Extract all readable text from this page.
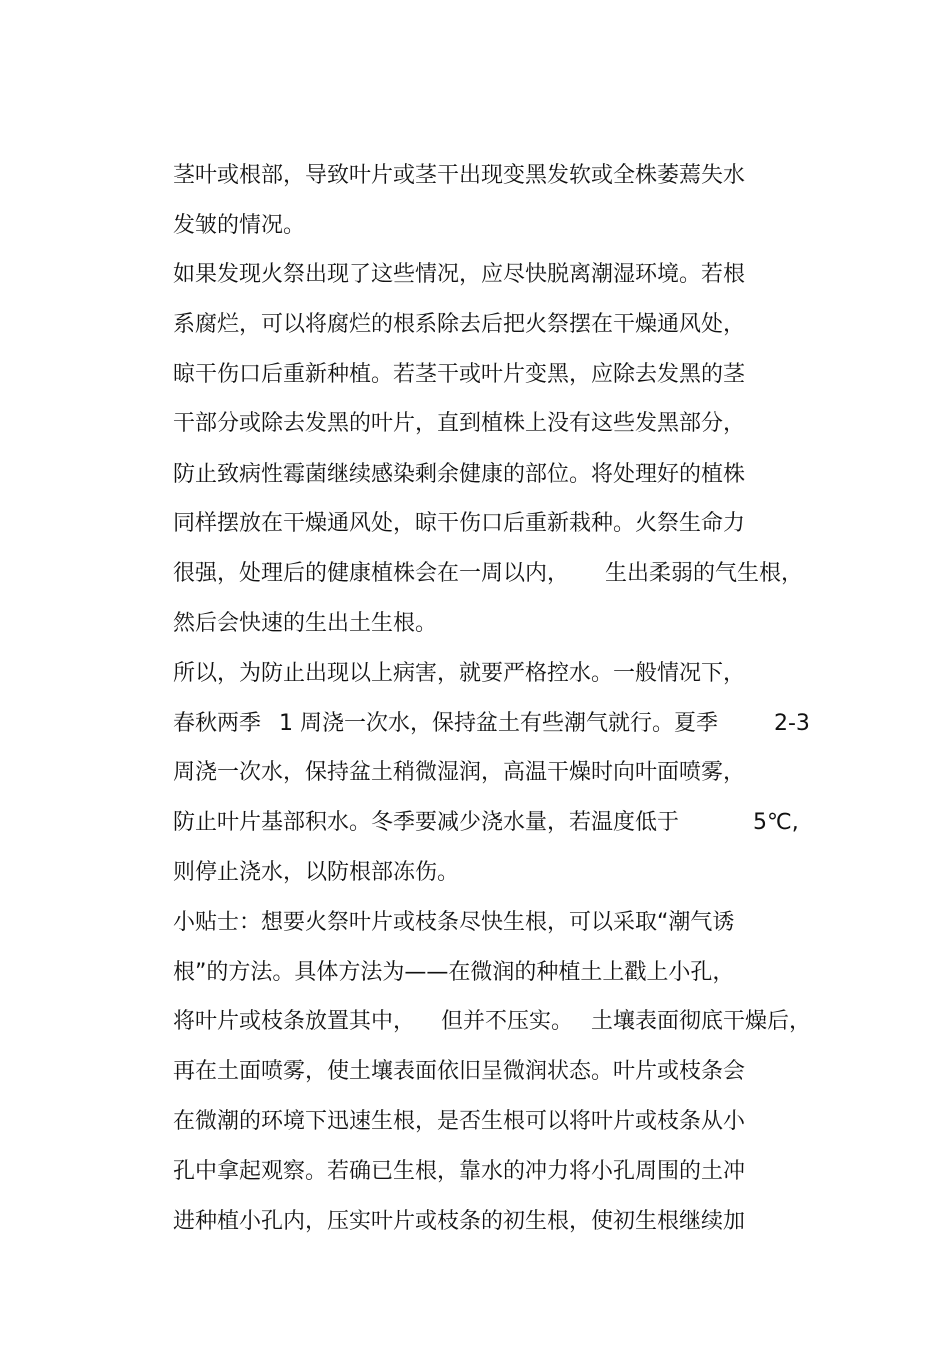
茎叶或根部，导致叶片或茎干出现变黑发软或全株萎蔫失水

发皱的情况。

如果发现火祭出现了这些情况，应尽快脱离潮湿环境。若根

系腐烂，可以将腐烂的根系除去后把火祭摆在干燥通风处，

晾干伤口后重新种植。若茎干或叶片变黑，应除去发黑的茎

干部分或除去发黑的叶片，直到植株上没有这些发黑部分，

防止致病性霉菌继续感染剩余健康的部位。将处理好的植株

同样摆放在干燥通风处，晾干伤口后重新栽种。火祭生命力

很强，处理后的健康植株会在一周以内， 生出柔弱的气生根，

然后会快速的生出土生根。

所以，为防止出现以上病害，就要严格控水。一般情况下，

春秋两季 1 周浇一次水，保持盆土有些潮气就行。夏季	2-3

周浇一次水，保持盆土稍微湿润，高温干燥时向叶面喷雾，

防止叶片基部积水。冬季要减少浇水量，若温度低于	5℃,

则停止浇水，以防根部冻伤。

小贴士：想要火祭叶片或枝条尽快生根，可以采取“潮气诱

根”的方法。具体方法为——在微润的种植土上戳上小孔，

将叶片或枝条放置其中， 但并不压实。 土壤表面彻底干燥后，

再在土面喷雾，使土壤表面依旧呈微润状态。叶片或枝条会

在微潮的环境下迅速生根，是否生根可以将叶片或枝条从小

孔中拿起观察。若确已生根，靠水的冲力将小孔周围的土冲

进种植小孔内，压实叶片或枝条的初生根，使初生根继续加
